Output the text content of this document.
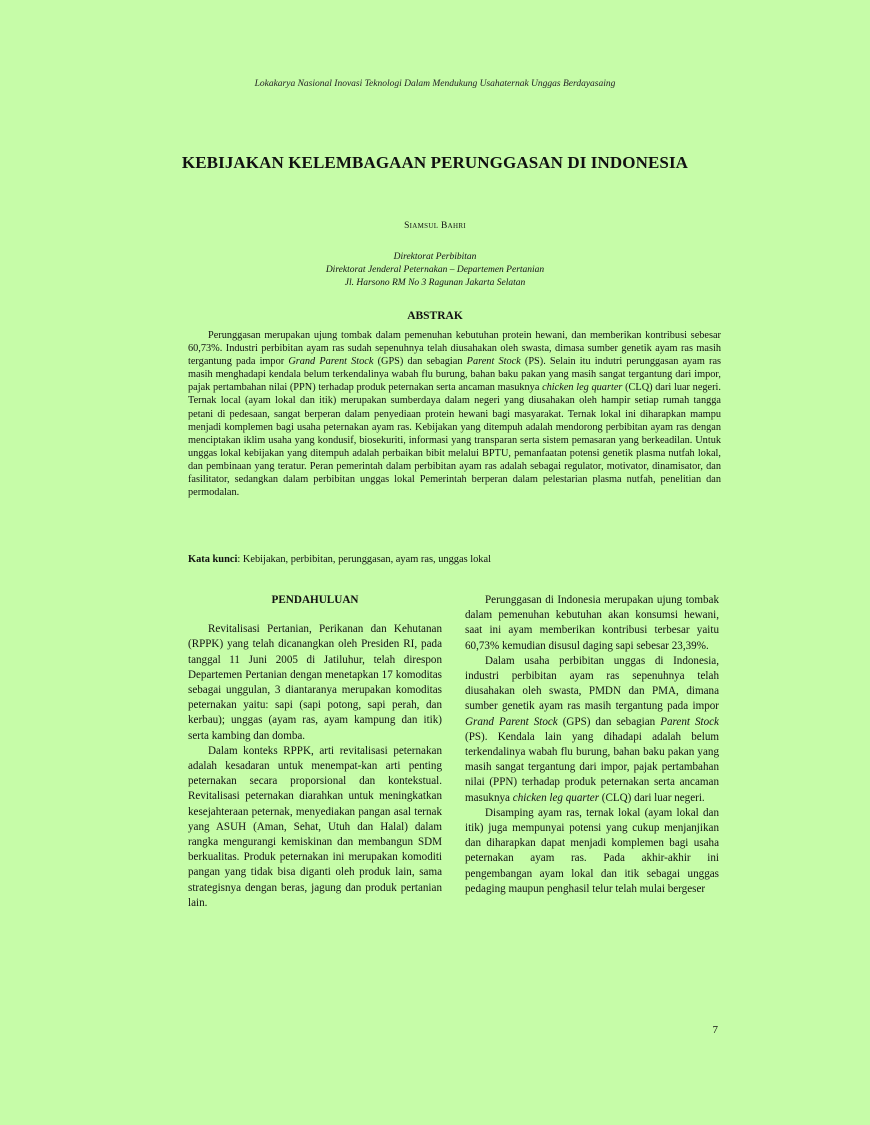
Lokakarya Nasional Inovasi Teknologi Dalam Mendukung Usahaternak Unggas Berdayasaing
KEBIJAKAN KELEMBAGAAN PERUNGGASAN DI INDONESIA
Siamsul Bahri
Direktorat Perbibitan
Direktorat Jenderal Peternakan – Departemen Pertanian
Jl. Harsono RM No 3 Ragunan Jakarta Selatan
ABSTRAK

Perunggasan merupakan ujung tombak dalam pemenuhan kebutuhan protein hewani, dan memberikan kontribusi sebesar 60,73%. Industri perbibitan ayam ras sudah sepenuhnya telah diusahakan oleh swasta, dimasa sumber genetik ayam ras masih tergantung pada impor Grand Parent Stock (GPS) dan sebagian Parent Stock (PS). Selain itu indutri perunggasan ayam ras masih menghadapi kendala belum terkendalinya wabah flu burung, bahan baku pakan yang masih sangat tergantung dari impor, pajak pertambahan nilai (PPN) terhadap produk peternakan serta ancaman masuknya chicken leg quarter (CLQ) dari luar negeri. Ternak local (ayam lokal dan itik) merupakan sumberdaya dalam negeri yang diusahakan oleh hampir setiap rumah tangga petani di pedesaan, sangat berperan dalam penyediaan protein hewani bagi masyarakat. Ternak lokal ini diharapkan mampu menjadi komplemen bagi usaha peternakan ayam ras. Kebijakan yang ditempuh adalah mendorong perbibitan ayam ras dengan menciptakan iklim usaha yang kondusif, biosekuriti, informasi yang transparan serta sistem pemasaran yang berkeadilan. Untuk unggas lokal kebijakan yang ditempuh adalah perbaikan bibit melalui BPTU, pemanfaatan potensi genetik plasma nutfah lokal, dan pembinaan yang teratur. Peran pemerintah dalam perbibitan ayam ras adalah sebagai regulator, motivator, dinamisator, dan fasilitator, sedangkan dalam perbibitan unggas lokal Pemerintah berperan dalam pelestarian plasma nutfah, penelitian dan permodalan.

Kata kunci: Kebijakan, perbibitan, perunggasan, ayam ras, unggas lokal

PENDAHULUAN

Revitalisasi Pertanian, Perikanan dan Kehutanan (RPPK) yang telah dicanangkan oleh Presiden RI, pada tanggal 11 Juni 2005 di Jatiluhur, telah direspon Departemen Pertanian dengan menetapkan 17 komoditas sebagai unggulan, 3 diantaranya merupakan komoditas peternakan yaitu: sapi (sapi potong, sapi perah, dan kerbau); unggas (ayam ras, ayam kampung dan itik) serta kambing dan domba.

Dalam konteks RPPK, arti revitalisasi peternakan adalah kesadaran untuk menempat-kan arti penting peternakan secara proporsional dan kontekstual. Revitalisasi peternakan diarahkan untuk meningkatkan kesejahteraan peternak, menyediakan pangan asal ternak yang ASUH (Aman, Sehat, Utuh dan Halal) dalam rangka mengurangi kemiskinan dan membangun SDM berkualitas. Produk peternakan ini merupakan komoditi pangan yang tidak bisa diganti oleh produk lain, sama strategisnya dengan beras, jagung dan produk pertanian lain.

Perunggasan di Indonesia merupakan ujung tombak dalam pemenuhan kebutuhan akan konsumsi hewani, saat ini ayam memberikan kontribusi terbesar yaitu 60,73% kemudian disusul daging sapi sebesar 23,39%.

Dalam usaha perbibitan unggas di Indonesia, industri perbibitan ayam ras sepenuhnya telah diusahakan oleh swasta, PMDN dan PMA, dimana sumber genetik ayam ras masih tergantung pada impor Grand Parent Stock (GPS) dan sebagian Parent Stock (PS). Kendala lain yang dihadapi adalah belum terkendalinya wabah flu burung, bahan baku pakan yang masih sangat tergantung dari impor, pajak pertambahan nilai (PPN) terhadap produk peternakan serta ancaman masuknya chicken leg quarter (CLQ) dari luar negeri.

Disamping ayam ras, ternak lokal (ayam lokal dan itik) juga mempunyai potensi yang cukup menjanjikan dan diharapkan dapat menjadi komplemen bagi usaha peternakan ayam ras. Pada akhir-akhir ini pengembangan ayam lokal dan itik sebagai unggas pedaging maupun penghasil telur telah mulai bergeser

7
